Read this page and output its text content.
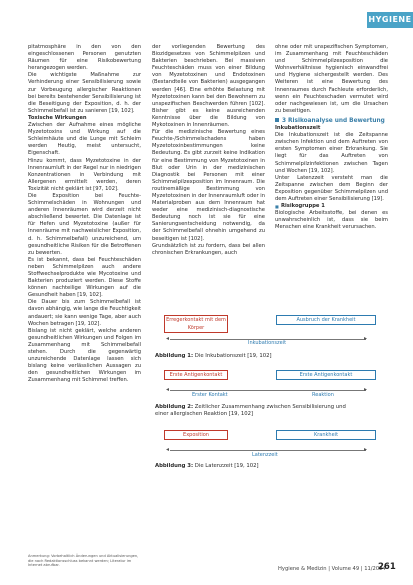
HYGIENE

pitatmosphäre in den von den eingeschlossenen Personen genutzten Räumen für eine Risikobewertung herangezogen werden.

Die wichtigste Maßnahme zur Verhinderung einer Sensibilisierung sowie zur Vorbeugung allergischer Reaktionen bei bereits bestehender Sensibilisierung ist die Beseitigung der Exposition, d. h. der Schimmelbefall ist zu sanieren [19, 102].

Toxische Wirkungen

Zwischen der Aufnahme eines mögliche Myzetotoxins und Wirkung auf die Schleimhäute und die Lunge mit Schleim werden Heutig, meist untersucht, Eigenschaft.

Hinzu kommt, dass Myzetotoxine in der Innenraumluft in der Regel nur in niedrigen Konzentrationen in Verbindung mit Allergenen ermittelt werden, deren Toxizität nicht geklärt ist [97, 102].

Die Exposition bei Feuchte-Schimmelschäden in Wohnungen und anderen Innenräumen wird derzeit nicht abschließend bewertet. Die Datenlage ist für Hefen und Myzetotoxine (außer für Innenräume mit nachweislicher Exposition, d. h. Schimmelbefall) unzureichend, um gesundheitliche Risiken für die Betroffenen zu bewerten.

Es ist bekannt, dass bei Feuchteschäden neben Schimmelpilzen auch andere Stoffwechselprodukte wie Mycotoxine und Bakterien produziert werden. Diese Stoffe können nachteilige Wirkungen auf die Gesundheit haben [19, 102].

Die Dauer bis zum Schimmelbefall ist davon abhängig, wie lange die Feuchtigkeit andauert; sie kann wenige Tage, aber auch Wochen betragen [19, 102].

Bislang ist nicht geklärt, welche anderen gesundheitlichen Wirkungen und Folgen im Zusammenhang mit Schimmelbefall stehen. Durch die gegenwärtig unzureichende Datenlage lassen sich bislang keine verlässlichen Aussagen zu den gesundheitlichen Wirkungen im Zusammenhang mit Schimmel treffen.

der vorliegenden Bewertung des Biozidgesetzes von Schimmelpilzen und Bakterien beschrieben. Bei massiven Feuchteschäden muss von einer Bildung von Myzetotoxinen und Endotoxinen (Bestandteile von Bakterien) ausgegangen werden [46]. Eine erhöhte Belastung mit Myzetotoxinen kann bei den Bewohnern zu unspezifischen Beschwerden führen [102]. Bisher gibt es keine ausreichenden Kenntnisse über die Bildung von Mykotoxinen in Innenräumen.

Für die medizinische Bewertung eines Feuchte-/Schimmelschadens haben Myzetotoxinbestimmungen keine Bedeutung. Es gibt zurzeit keine Indikation für eine Bestimmung von Myzetotoxinen in Blut oder Urin in der medizinischen Diagnostik bei Personen mit einer Schimmelpilzexposition im Innenraum. Die routinemäßige Bestimmung von Myzetotoxinen in der Innenraumluft oder in Materialproben aus dem Innenraum hat weder eine medizinisch-diagnostische Bedeutung noch ist sie für eine Sanierungsentscheidung notwendig, da der Schimmelbefall ohnehin umgehend zu beseitigen ist [102].

Grundsätzlich ist zu fordern, dass bei allen chronischen Erkrankungen, auch

ohne oder mit unspezifischen Symptomen, im Zusammenhang mit Feuchteschäden und Schimmelpilzexposition die Wohnverhältnisse hygienisch einwandfrei und Hygiene sichergestellt werden. Des Weiteren ist eine Bewertung des Innenraumes durch Fachleute erforderlich, wenn ein Feuchteschaden vermutet wird oder nachgewiesen ist, um die Ursachen zu beseitigen.

3 Risikoanalyse und Bewertung
Inkubationszeit

Die Inkubationszeit ist die Zeitspanne zwischen Infektion und dem Auftreten von ersten Symptomen einer Erkrankung. Sie liegt für das Auftreten von Schimmelpilzinfektionen zwischen Tagen und Wochen [19, 102].

Unter Latenzzeit versteht man die Zeitspanne zwischen dem Beginn der Exposition gegenüber Schimmelpilzen und dem Auftreten einer Sensibilisierung [19].

■ Risikogruppe 1

Biologische Arbeitsstoffe, bei denen es unwahrscheinlich ist, dass sie beim Menschen eine Krankheit verursachen.

Erregerkontakt mit dem Körper
Ausbruch der Krankheit
◂	▸
Inkubationszeit
Abbildung 1: Die Inkubationszeit [19, 102]
Erste Antigenkontakt	Erste Antigenkontakt
◂	▸
Erster Kontakt	Reaktion
Abbildung 2: Zeitlicher Zusammenhang zwischen Sensibilisierung und einer allergischen Reaktion [19, 102]
Exposition	Krankheit
◂	▸
Latenzzeit
Abbildung 3: Die Latenzzeit [19, 102]
Anmerkung: Vorbehaltlich Änderungen und Aktualisierungen, die nach Redaktionsschluss bekannt werden; Literatur im Internet abrufbar.
Hygiene & Medizin | Volume 49 | 11/2024
261
